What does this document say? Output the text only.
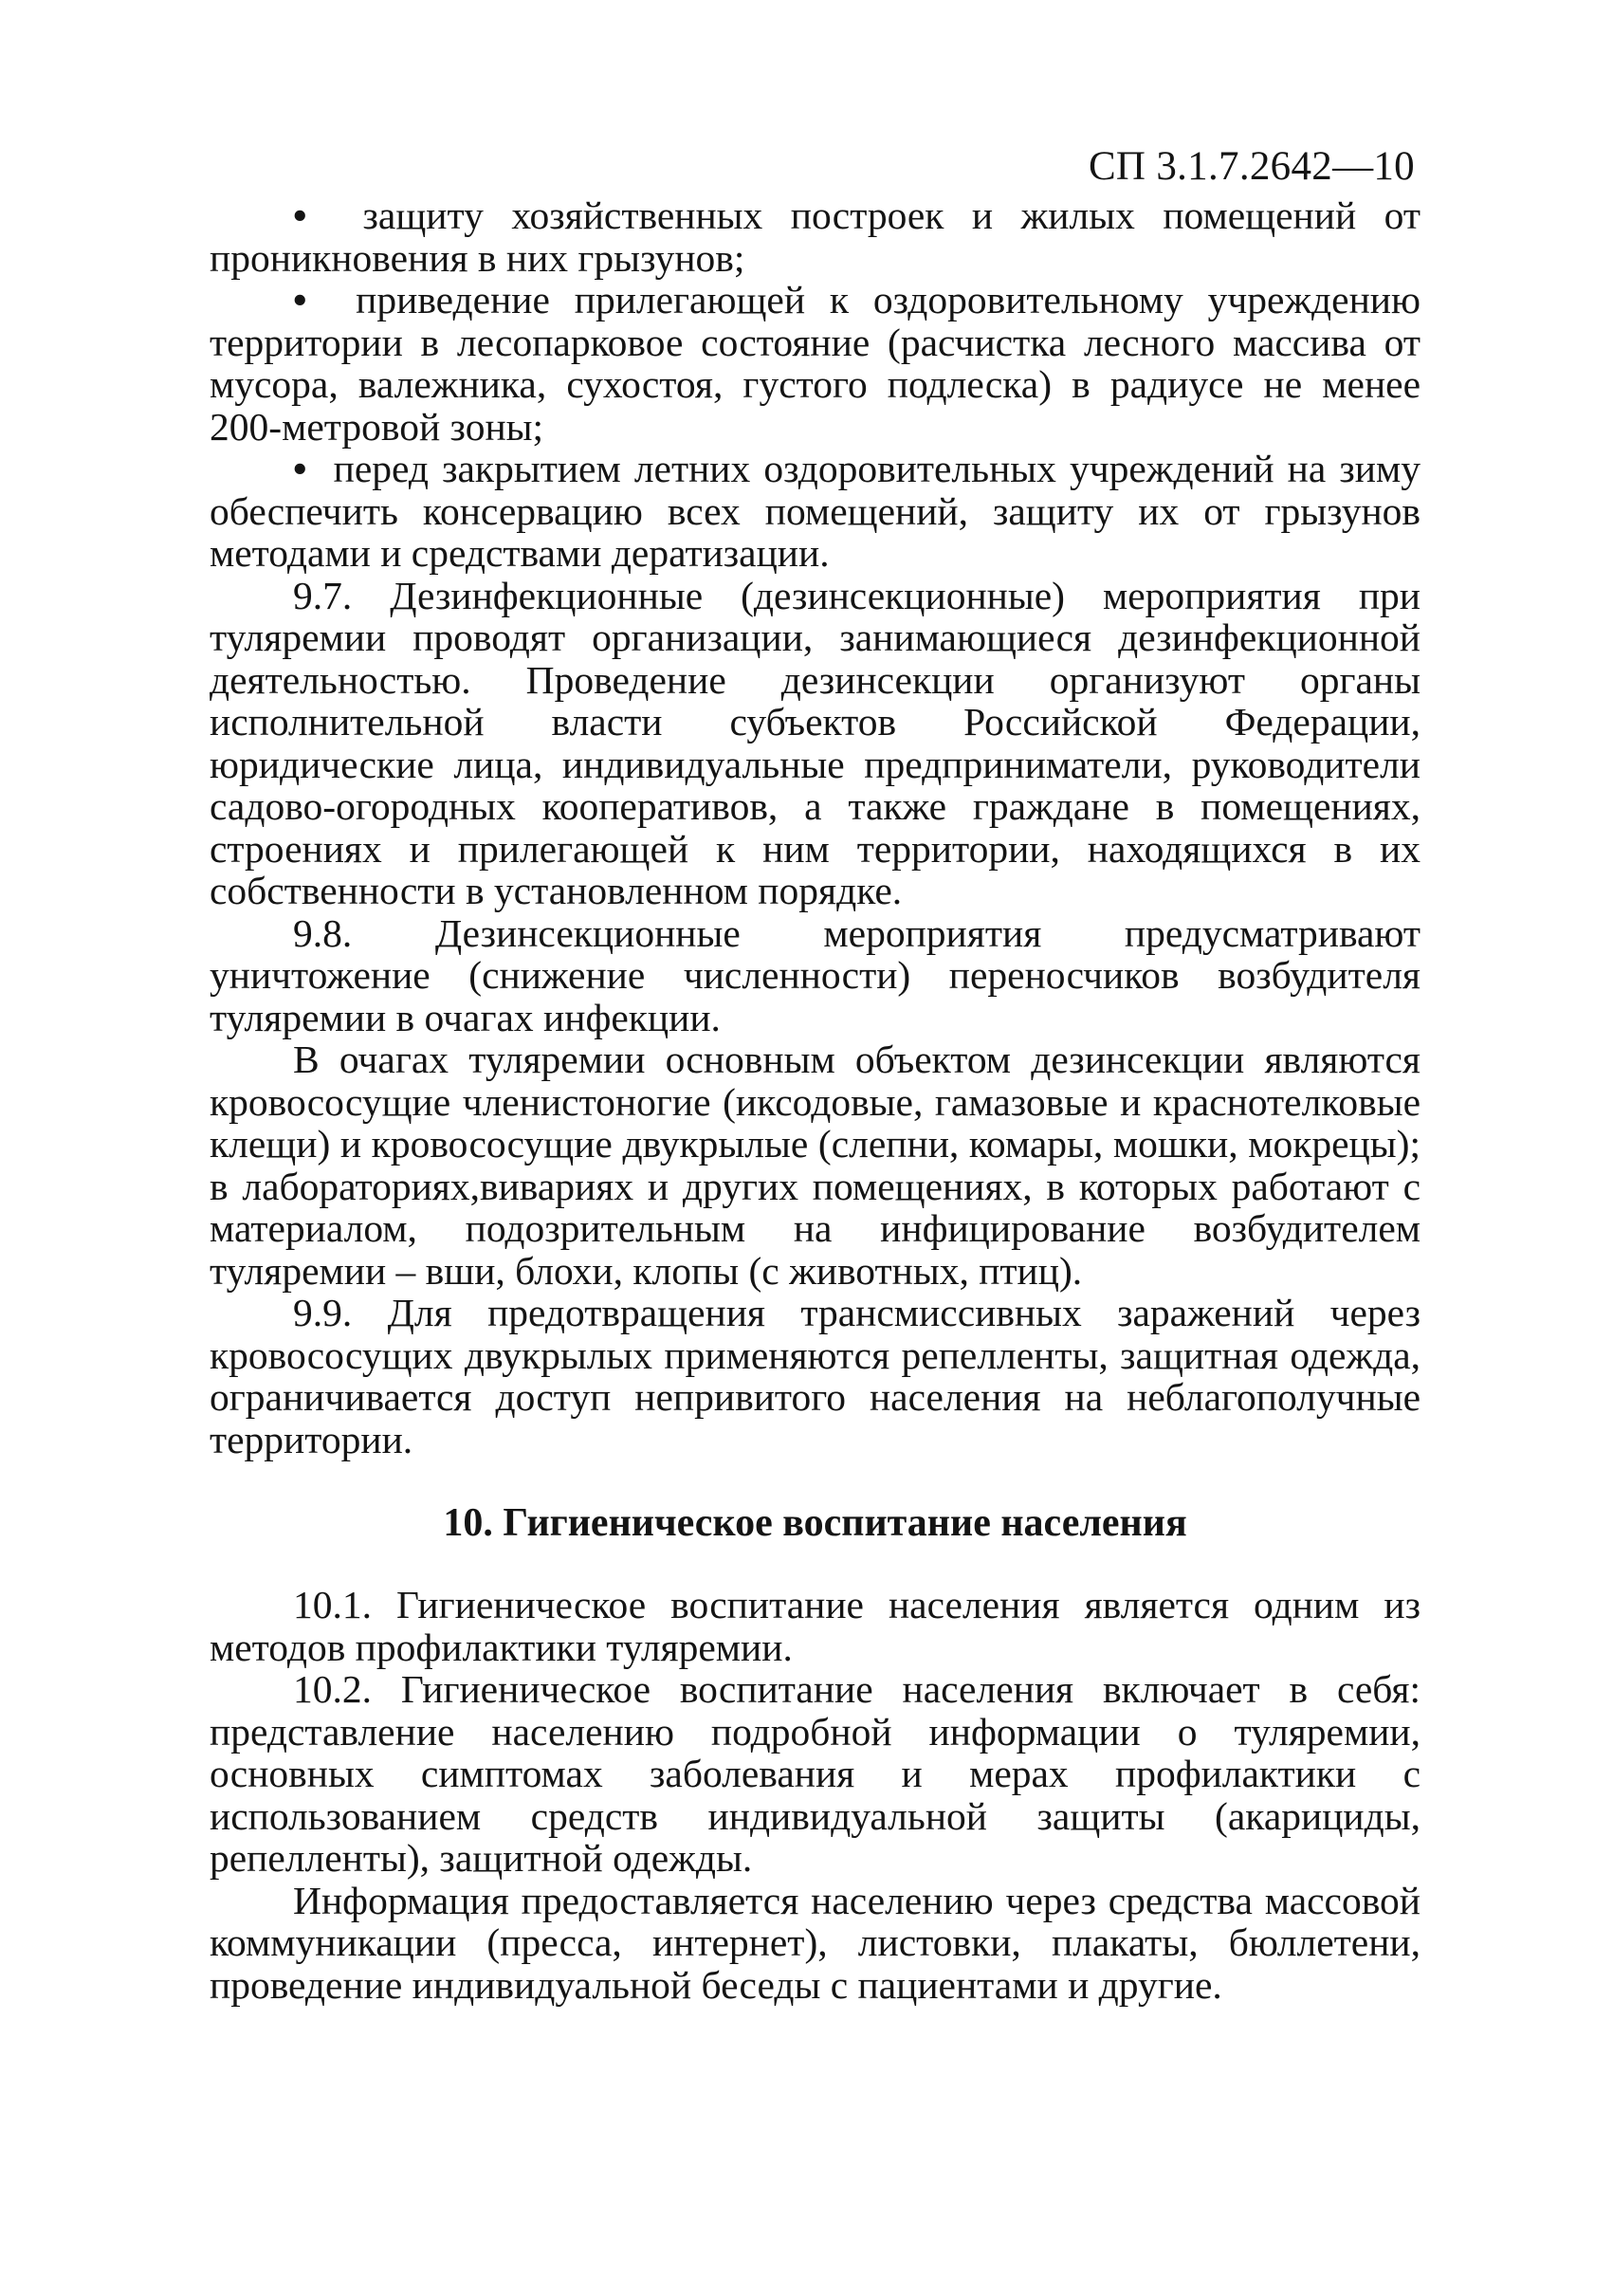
СП 3.1.7.2642—10

•  защиту хозяйственных построек и жилых помещений от проникновения в них грызунов;

•  приведение прилегающей к оздоровительному учреждению территории в лесопарковое состояние (расчистка лесного массива от мусора, валежника, сухостоя, густого подлеска) в радиусе не менее 200-метровой зоны;

•  перед закрытием летних оздоровительных учреждений на зиму обеспечить консервацию всех помещений, защиту их от грызунов методами и средствами дератизации.

9.7. Дезинфекционные (дезинсекционные) мероприятия при туляремии проводят организации, занимающиеся дезинфекционной деятельностью. Проведение дезинсекции организуют органы исполнительной власти субъектов Российской Федерации, юридические лица, индивидуальные предприниматели, руководители садово-огородных кооперативов, а также граждане в помещениях, строениях и прилегающей к ним территории, находящихся в их собственности в установленном порядке.

9.8. Дезинсекционные мероприятия предусматривают уничтожение (снижение численности) переносчиков возбудителя туляремии в очагах инфекции.

В очагах туляремии основным объектом дезинсекции являются кровососущие членистоногие (иксодовые, гамазовые и краснотелковые клещи) и кровососущие двукрылые (слепни, комары, мошки, мокрецы); в лабораториях,вивариях и других помещениях, в которых работают с материалом, подозрительным на инфицирование возбудителем туляремии – вши, блохи, клопы (с животных, птиц).

9.9. Для предотвращения трансмиссивных заражений через кровососущих двукрылых применяются репелленты, защитная одежда, ограничивается доступ непривитого населения на неблагополучные территории.

10. Гигиеническое воспитание населения

10.1. Гигиеническое воспитание населения является одним из методов профилактики туляремии.

10.2. Гигиеническое воспитание населения включает в себя: представление населению подробной информации о туляремии, основных симптомах заболевания и мерах профилактики с использованием средств индивидуальной защиты (акарициды, репелленты), защитной одежды.

Информация предоставляется населению через средства массовой коммуникации (пресса, интернет), листовки, плакаты, бюллетени, проведение индивидуальной беседы с пациентами и другие.
